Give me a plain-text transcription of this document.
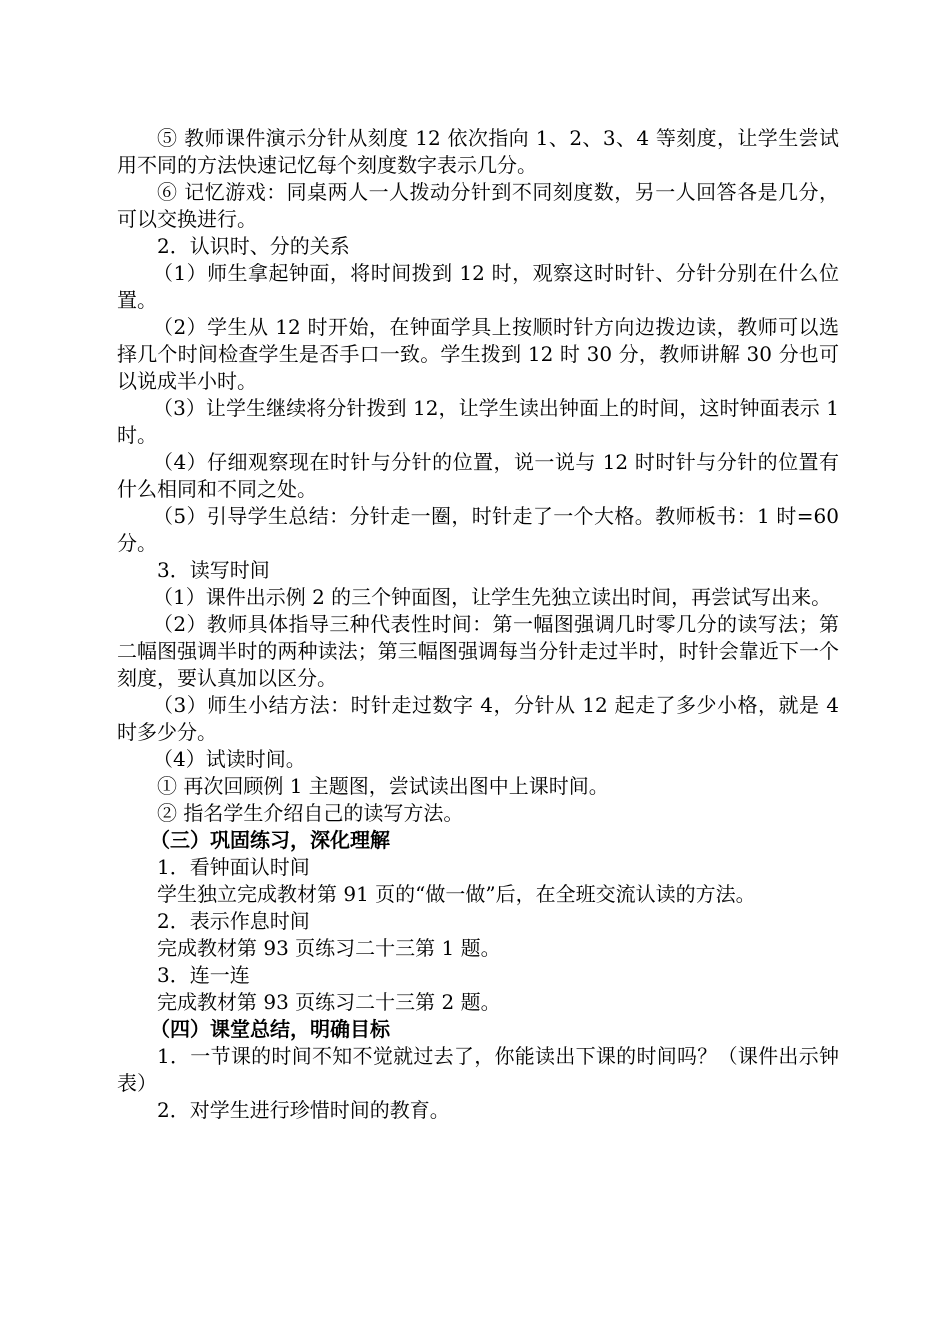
⑤ 教师课件演示分针从刻度 12 依次指向 1、2、3、4 等刻度，让学生尝试用不同的方法快速记忆每个刻度数字表示几分。

⑥ 记忆游戏：同桌两人一人拨动分针到不同刻度数，另一人回答各是几分，可以交换进行。

2．认识时、分的关系

（1）师生拿起钟面，将时间拨到 12 时，观察这时时针、分针分别在什么位置。

（2）学生从 12 时开始，在钟面学具上按顺时针方向边拨边读，教师可以选择几个时间检查学生是否手口一致。学生拨到 12 时 30 分，教师讲解 30 分也可以说成半小时。

（3）让学生继续将分针拨到 12，让学生读出钟面上的时间，这时钟面表示 1 时。

（4）仔细观察现在时针与分针的位置，说一说与 12 时时针与分针的位置有什么相同和不同之处。

（5）引导学生总结：分针走一圈，时针走了一个大格。教师板书：1 时=60 分。

3．读写时间

（1）课件出示例 2 的三个钟面图，让学生先独立读出时间，再尝试写出来。

（2）教师具体指导三种代表性时间：第一幅图强调几时零几分的读写法；第二幅图强调半时的两种读法；第三幅图强调每当分针走过半时，时针会靠近下一个刻度，要认真加以区分。

（3）师生小结方法：时针走过数字 4，分针从 12 起走了多少小格，就是 4 时多少分。

（4）试读时间。

① 再次回顾例 1 主题图，尝试读出图中上课时间。

② 指名学生介绍自己的读写方法。

（三）巩固练习，深化理解

1．看钟面认时间

学生独立完成教材第 91 页的“做一做”后，在全班交流认读的方法。

2．表示作息时间

完成教材第 93 页练习二十三第 1 题。

3．连一连

完成教材第 93 页练习二十三第 2 题。

（四）课堂总结，明确目标

1．一节课的时间不知不觉就过去了，你能读出下课的时间吗？（课件出示钟表）

2．对学生进行珍惜时间的教育。
